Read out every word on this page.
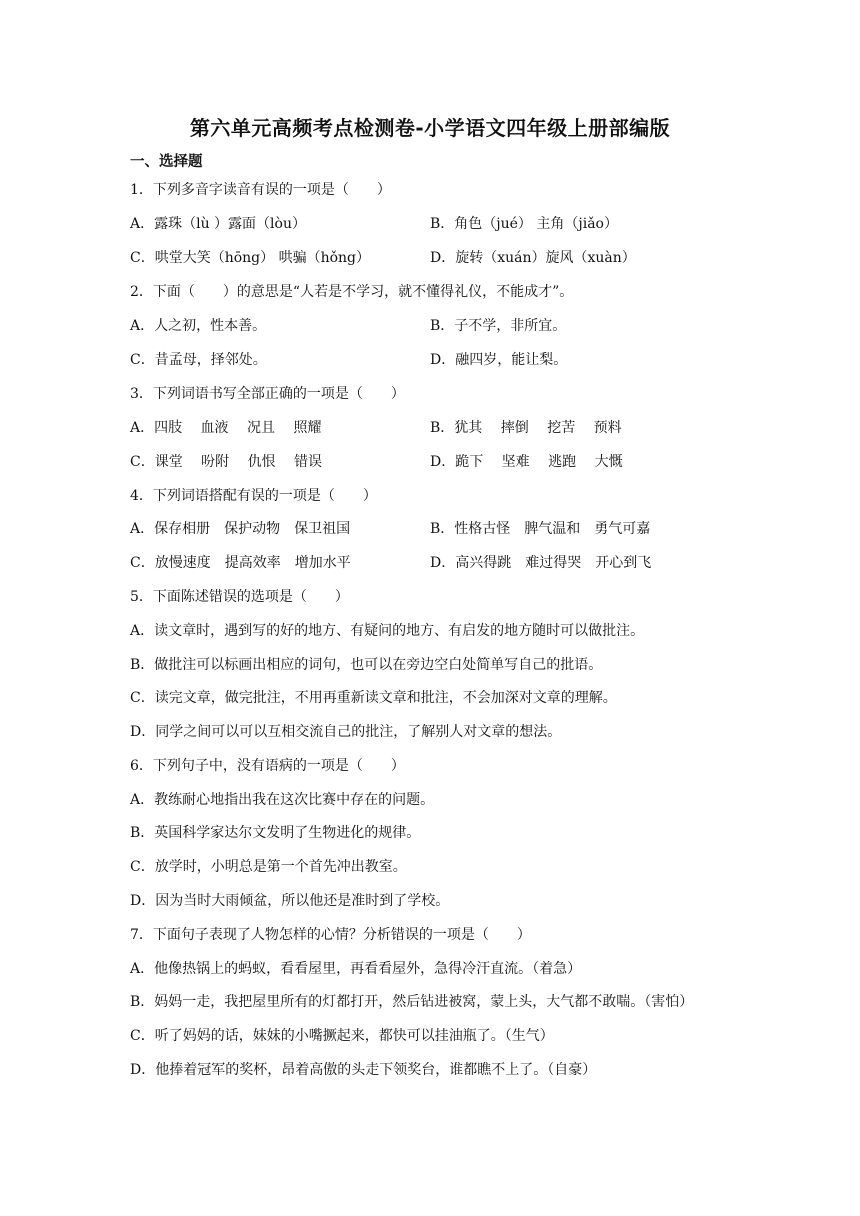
第六单元高频考点检测卷-小学语文四年级上册部编版
一、选择题
1．下列多音字读音有误的一项是（　　）
A．露珠（lù ）露面（lòu）	B．角色（jué） 主角（jiǎo）
C．哄堂大笑（hōng） 哄骗（hǒng）	D．旋转（xuán）旋风（xuàn）
2．下面（　　）的意思是“人若是不学习，就不懂得礼仪，不能成才”。
A．人之初，性本善。	B．子不学，非所宜。
C．昔孟母，择邻处。	D．融四岁，能让梨。
3．下列词语书写全部正确的一项是（　　）
A．四肢　 血液　 况且　 照耀	B．犹其　 摔倒　 挖苦　 预料
C．课堂　 吩附　 仇恨　 错误	D．跪下　 坚难　 逃跑　 大慨
4．下列词语搭配有误的一项是（　　）
A．保存相册　保护动物　保卫祖国	B．性格古怪　脾气温和　勇气可嘉
C．放慢速度　提高效率　增加水平	D．高兴得跳　难过得哭　开心到飞
5．下面陈述错误的选项是（　　）
A．读文章时，遇到写的好的地方、有疑问的地方、有启发的地方随时可以做批注。
B．做批注可以标画出相应的词句，也可以在旁边空白处简单写自己的批语。
C．读完文章，做完批注，不用再重新读文章和批注，不会加深对文章的理解。
D．同学之间可以可以互相交流自己的批注，了解别人对文章的想法。
6．下列句子中，没有语病的一项是（　　）
A．教练耐心地指出我在这次比赛中存在的问题。
B．英国科学家达尔文发明了生物进化的规律。
C．放学时，小明总是第一个首先冲出教室。
D．因为当时大雨倾盆，所以他还是准时到了学校。
7．下面句子表现了人物怎样的心情？分析错误的一项是（　　）
A．他像热锅上的蚂蚁，看看屋里，再看看屋外，急得冷汗直流。（着急）
B．妈妈一走，我把屋里所有的灯都打开，然后钻进被窝，蒙上头，大气都不敢喘。（害怕）
C．听了妈妈的话，妹妹的小嘴撅起来，都快可以挂油瓶了。（生气）
D．他捧着冠军的奖杯，昂着高傲的头走下领奖台，谁都瞧不上了。（自豪）
